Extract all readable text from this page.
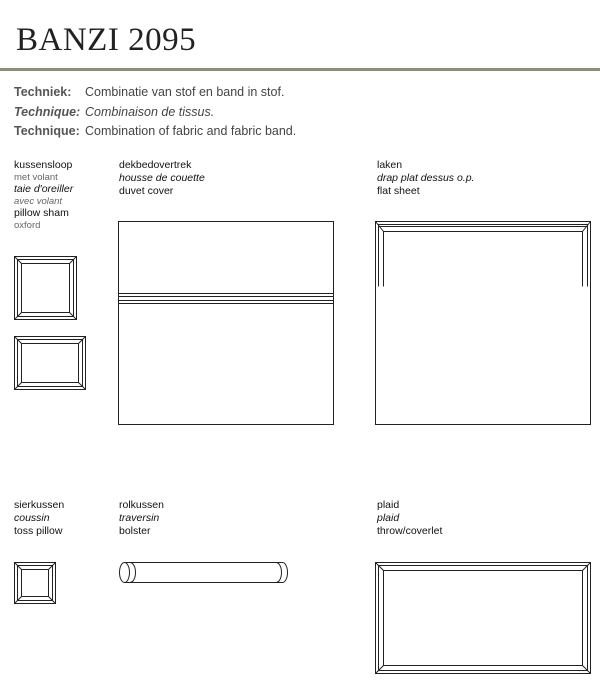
BANZI 2095
Techniek: Combinatie van stof en band in stof.
Technique: Combinaison de tissus.
Technique: Combination of fabric and fabric band.
kussensloop
met volant
taie d'oreiller
avec volant
pillow sham
oxford
dekbedovertrek
housse de couette
duvet cover
laken
drap plat dessus o.p.
flat sheet
sierkussen
coussin
toss pillow
rolkussen
traversin
bolster
plaid
plaid
throw/coverlet
